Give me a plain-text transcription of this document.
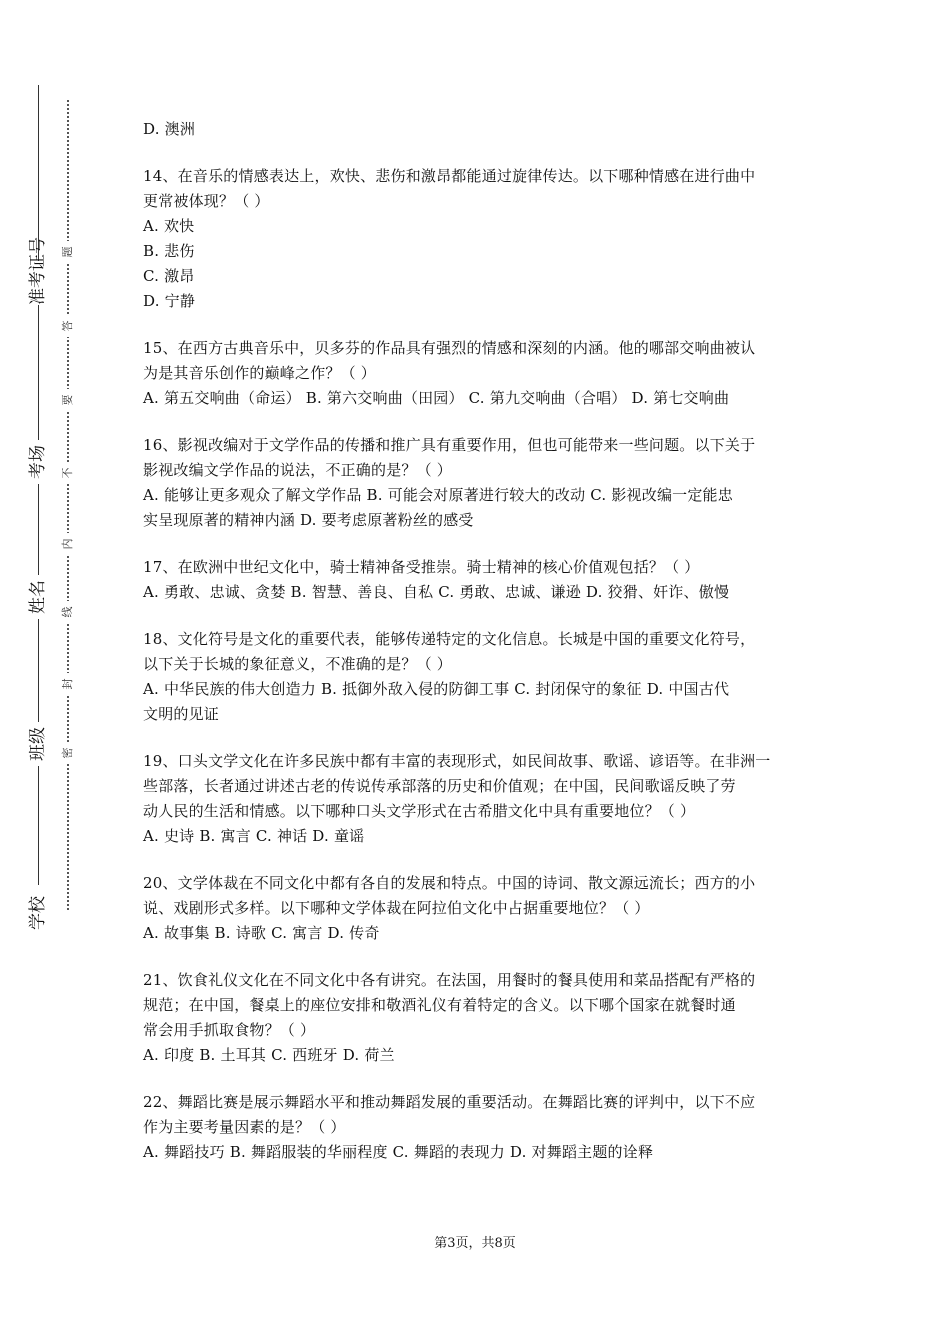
准考证号
考场
姓名
班级
学校
题
答
要
不
内
线
封
密
D. 澳洲
14、在音乐的情感表达上，欢快、悲伤和激昂都能通过旋律传达。以下哪种情感在进行曲中
更常被体现？（ ）
A. 欢快
B. 悲伤
C. 激昂
D. 宁静
15、在西方古典音乐中，贝多芬的作品具有强烈的情感和深刻的内涵。他的哪部交响曲被认
为是其音乐创作的巅峰之作？（ ）
A. 第五交响曲（命运） B. 第六交响曲（田园） C. 第九交响曲（合唱） D. 第七交响曲
16、影视改编对于文学作品的传播和推广具有重要作用，但也可能带来一些问题。以下关于
影视改编文学作品的说法，不正确的是？（ ）
A. 能够让更多观众了解文学作品 B. 可能会对原著进行较大的改动 C. 影视改编一定能忠
实呈现原著的精神内涵 D. 要考虑原著粉丝的感受
17、在欧洲中世纪文化中，骑士精神备受推崇。骑士精神的核心价值观包括？（ ）
A. 勇敢、忠诚、贪婪 B. 智慧、善良、自私 C. 勇敢、忠诚、谦逊 D. 狡猾、奸诈、傲慢
18、文化符号是文化的重要代表，能够传递特定的文化信息。长城是中国的重要文化符号，
以下关于长城的象征意义，不准确的是？（ ）
A. 中华民族的伟大创造力 B. 抵御外敌入侵的防御工事 C. 封闭保守的象征 D. 中国古代
文明的见证
19、口头文学文化在许多民族中都有丰富的表现形式，如民间故事、歌谣、谚语等。在非洲一
些部落，长者通过讲述古老的传说传承部落的历史和价值观；在中国，民间歌谣反映了劳
动人民的生活和情感。以下哪种口头文学形式在古希腊文化中具有重要地位？（ ）
A. 史诗 B. 寓言 C. 神话 D. 童谣
20、文学体裁在不同文化中都有各自的发展和特点。中国的诗词、散文源远流长；西方的小
说、戏剧形式多样。以下哪种文学体裁在阿拉伯文化中占据重要地位？（ ）
A. 故事集 B. 诗歌 C. 寓言 D. 传奇
21、饮食礼仪文化在不同文化中各有讲究。在法国，用餐时的餐具使用和菜品搭配有严格的
规范；在中国，餐桌上的座位安排和敬酒礼仪有着特定的含义。以下哪个国家在就餐时通
常会用手抓取食物？（ ）
A. 印度 B. 土耳其 C. 西班牙 D. 荷兰
22、舞蹈比赛是展示舞蹈水平和推动舞蹈发展的重要活动。在舞蹈比赛的评判中，以下不应
作为主要考量因素的是？（ ）
A. 舞蹈技巧 B. 舞蹈服装的华丽程度 C. 舞蹈的表现力 D. 对舞蹈主题的诠释
第3页，共8页
